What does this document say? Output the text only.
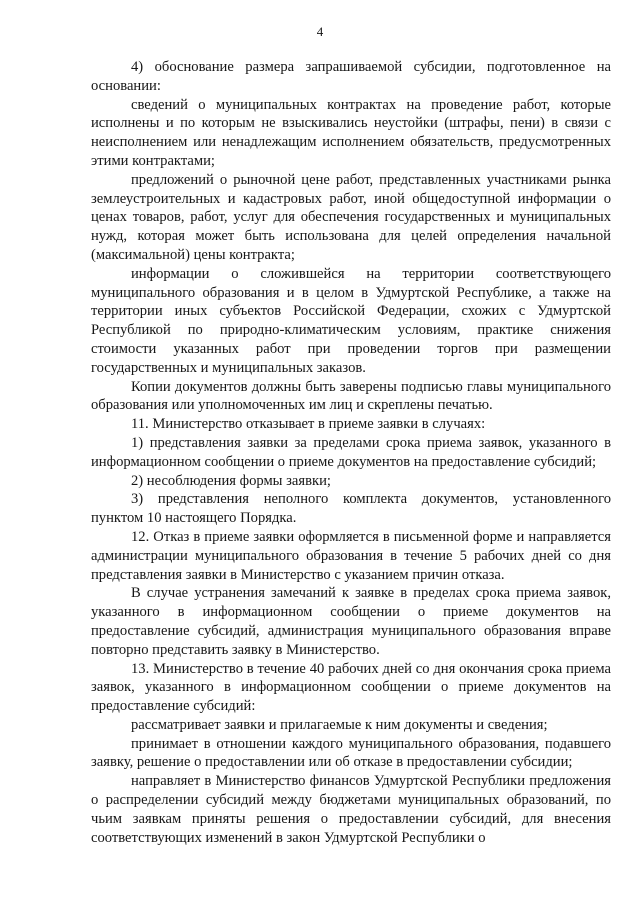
4

4) обоснование размера запрашиваемой субсидии, подготовленное на основании:

сведений о муниципальных контрактах на проведение работ, которые исполнены и по которым не взыскивались неустойки (штрафы, пени) в связи с неисполнением или ненадлежащим исполнением обязательств, предусмотренных этими контрактами;

предложений о рыночной цене работ, представленных участниками рынка землеустроительных и кадастровых работ, иной общедоступной информации о ценах товаров, работ, услуг для обеспечения государственных и муниципальных нужд, которая может быть использована для целей определения начальной (максимальной) цены контракта;

информации о сложившейся на территории соответствующего муниципального образования и в целом в Удмуртской Республике, а также на территории иных субъектов Российской Федерации, схожих с Удмуртской Республикой по природно-климатическим условиям, практике снижения стоимости указанных работ при проведении торгов при размещении государственных и муниципальных заказов.

Копии документов должны быть заверены подписью главы муниципального образования или уполномоченных им лиц и скреплены печатью.

11. Министерство отказывает в приеме заявки в случаях:

1) представления заявки за пределами срока приема заявок, указанного в информационном сообщении о приеме документов на предоставление субсидий;

2) несоблюдения формы заявки;

3) представления неполного комплекта документов, установленного пунктом 10 настоящего Порядка.

12. Отказ в приеме заявки оформляется в письменной форме и направляется администрации муниципального образования в течение 5 рабочих дней со дня представления заявки в Министерство с указанием причин отказа.

В случае устранения замечаний к заявке в пределах срока приема заявок, указанного в информационном сообщении о приеме документов на предоставление субсидий, администрация муниципального образования вправе повторно представить заявку в Министерство.

13. Министерство в течение 40 рабочих дней со дня окончания срока приема заявок, указанного в информационном сообщении о приеме документов на предоставление субсидий:

рассматривает заявки и прилагаемые к ним документы и сведения;

принимает в отношении каждого муниципального образования, подавшего заявку, решение о предоставлении или об отказе в предоставлении субсидии;

направляет в Министерство финансов Удмуртской Республики предложения о распределении субсидий между бюджетами муниципальных образований, по чьим заявкам приняты решения о предоставлении субсидий, для внесения соответствующих изменений в закон Удмуртской Республики о
